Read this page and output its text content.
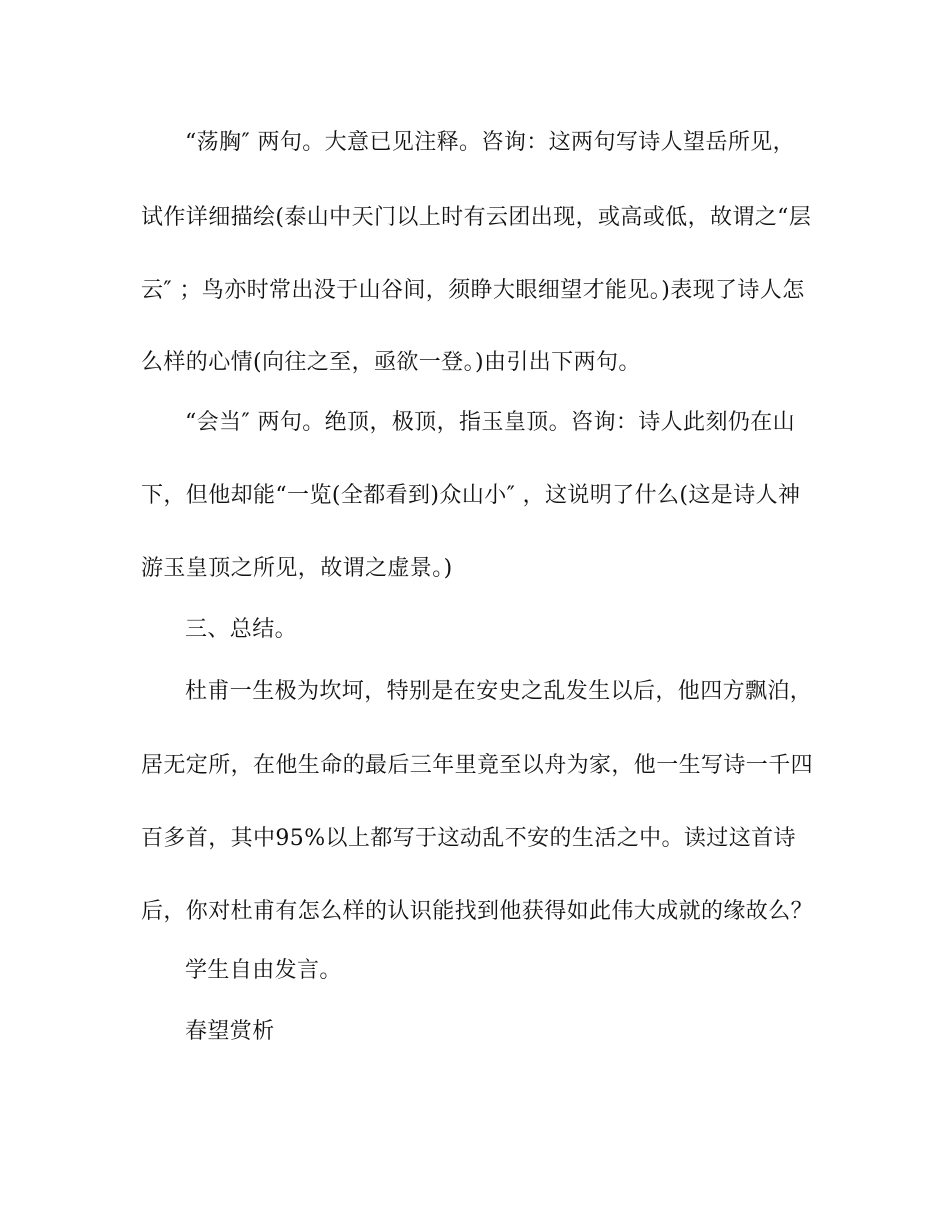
“荡胸″ 两句。大意已见注释。咨询：这两句写诗人望岳所见，
试作详细描绘(泰山中天门以上时有云团出现，或高或低，故谓之“层
云″ ；鸟亦时常出没于山谷间，须睁大眼细望才能见。)表现了诗人怎
么样的心情(向往之至，亟欲一登。)由引出下两句。
“会当″ 两句。绝顶，极顶，指玉皇顶。咨询：诗人此刻仍在山
下，但他却能“一览(全都看到)众山小″ ，这说明了什么(这是诗人神
游玉皇顶之所见，故谓之虚景。)
三、总结。
杜甫一生极为坎坷，特别是在安史之乱发生以后，他四方飘泊，
居无定所，在他生命的最后三年里竟至以舟为家，他一生写诗一千四
百多首，其中95%以上都写于这动乱不安的生活之中。读过这首诗
后，你对杜甫有怎么样的认识能找到他获得如此伟大成就的缘故么？
学生自由发言。
春望赏析
